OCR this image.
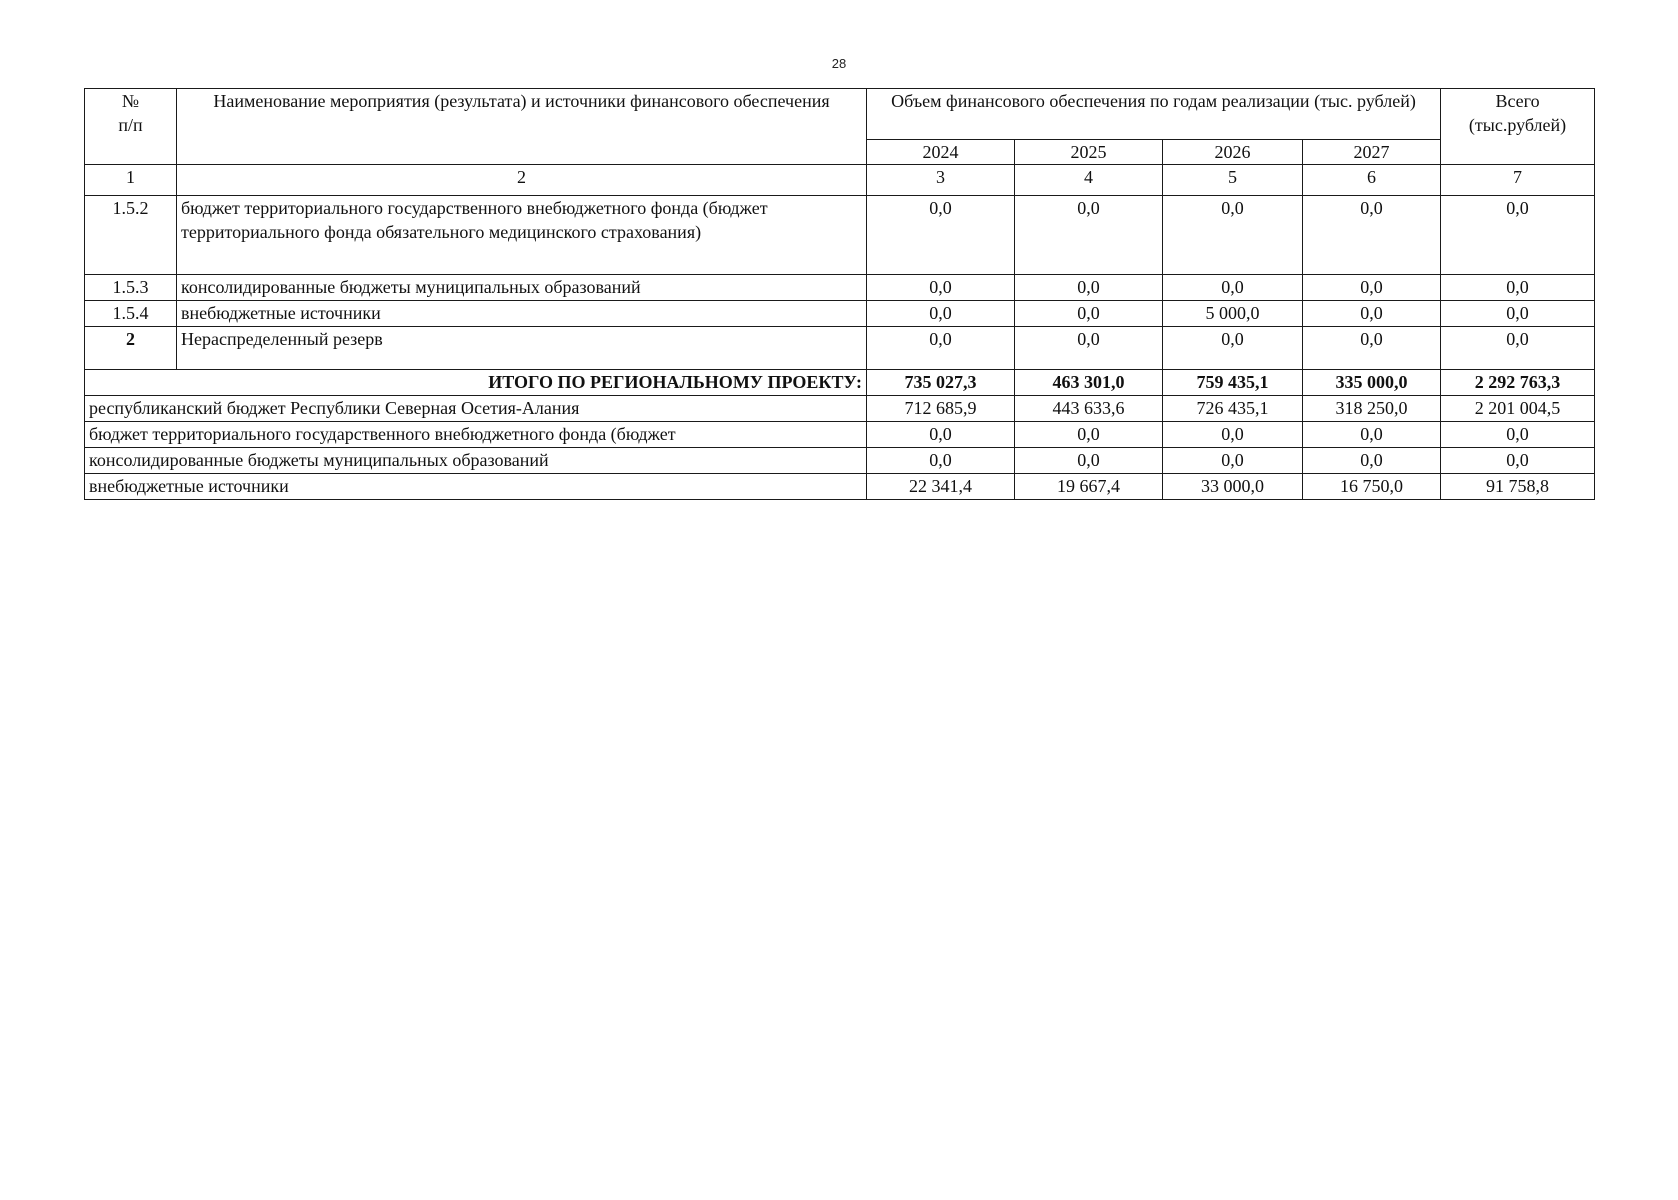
28
№
п/п	Наименование мероприятия (результата) и источники финансового обеспечения	Объем финансового обеспечения по годам реализации (тыс. рублей)				Всего (тыс.рублей)
		2024	2025	2026	2027	
1	2	3	4	5	6	7
1.5.2	бюджет территориального государственного внебюджетного фонда (бюджет территориального фонда обязательного медицинского страхования)	0,0	0,0	0,0	0,0	0,0
1.5.3	консолидированные бюджеты муниципальных образований	0,0	0,0	0,0	0,0	0,0
1.5.4	внебюджетные источники	0,0	0,0	5 000,0	0,0	0,0
2	Нераспределенный резерв	0,0	0,0	0,0	0,0	0,0
ИТОГО ПО РЕГИОНАЛЬНОМУ ПРОЕКТУ:		735 027,3	463 301,0	759 435,1	335 000,0	2 292 763,3
республиканский бюджет Республики Северная Осетия-Алания		712 685,9	443 633,6	726 435,1	318 250,0	2 201 004,5
бюджет территориального государственного внебюджетного фонда (бюджет		0,0	0,0	0,0	0,0	0,0
консолидированные бюджеты муниципальных образований		0,0	0,0	0,0	0,0	0,0
внебюджетные источники		22 341,4	19 667,4	33 000,0	16 750,0	91 758,8
